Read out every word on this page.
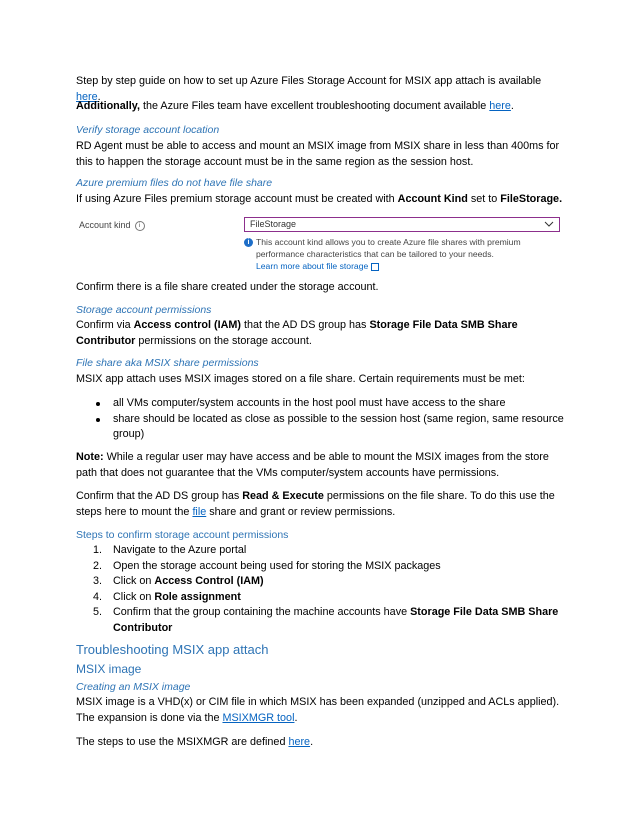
Step by step guide on how to set up Azure Files Storage Account for MSIX app attach is available here.

Additionally, the Azure Files team have excellent troubleshooting document available here.

Verify storage account location

RD Agent must be able to access and mount an MSIX image from MSIX share in less than 400ms for this to happen the storage account must be in the same region as the session host.

Azure premium files do not have file share

If using Azure Files premium storage account must be created with Account Kind set to FileStorage.

Account kind i	FileStorage
i This account kind allows you to create Azure file shares with premium performance characteristics that can be tailored to your needs.
Learn more about file storage

Confirm there is a file share created under the storage account.

Storage account permissions

Confirm via Access control (IAM) that the AD DS group has Storage File Data SMB Share Contributor permissions on the storage account.

File share aka MSIX share permissions

MSIX app attach uses MSIX images stored on a file share. Certain requirements must be met:

all VMs computer/system accounts in the host pool must have access to the share
share should be located as close as possible to the session host (same region, same resource group)

Note: While a regular user may have access and be able to mount the MSIX images from the store path that does not guarantee that the VMs computer/system accounts have permissions.

Confirm that the AD DS group has Read & Execute permissions on the file share. To do this use the steps here to mount the file share and grant or review permissions.

Steps to confirm storage account permissions

1. Navigate to the Azure portal
2. Open the storage account being used for storing the MSIX packages
3. Click on Access Control (IAM)
4. Click on Role assignment
5. Confirm that the group containing the machine accounts have Storage File Data SMB Share Contributor

Troubleshooting MSIX app attach

MSIX image

Creating an MSIX image

MSIX image is a VHD(x) or CIM file in which MSIX has been expanded (unzipped and ACLs applied). The expansion is done via the MSIXMGR tool.

The steps to use the MSIXMGR are defined here.
